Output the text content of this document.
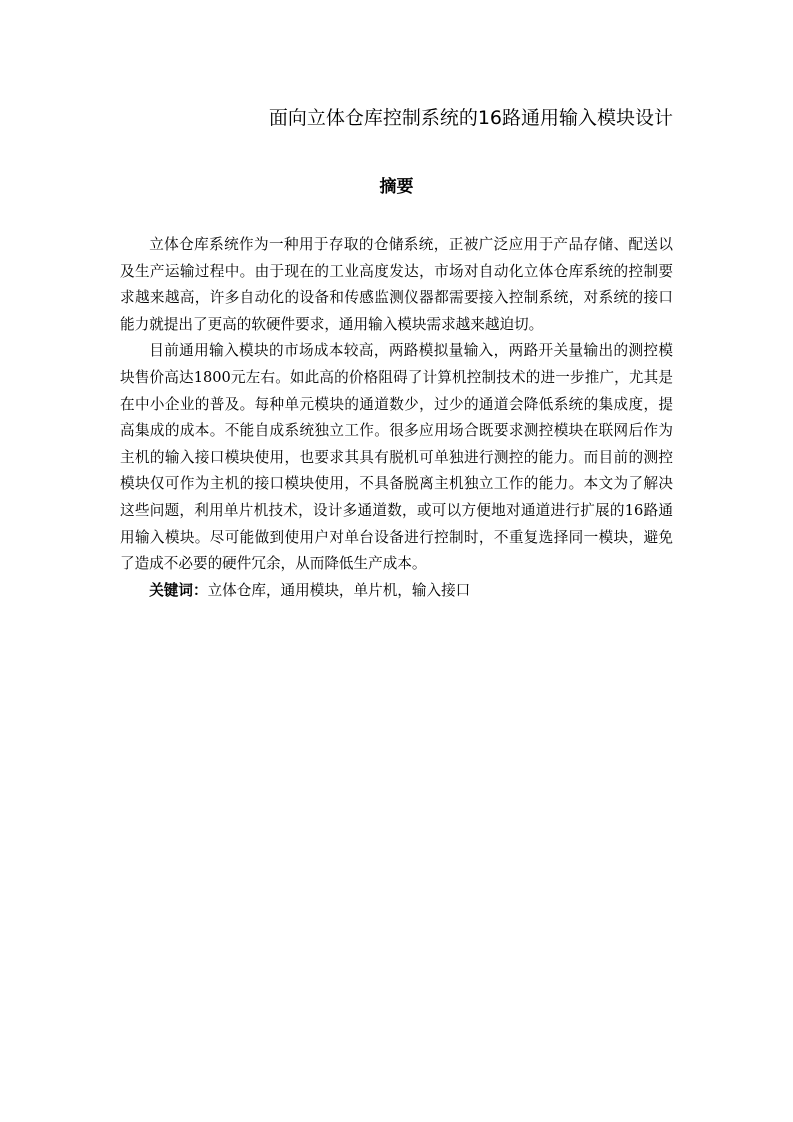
面向立体仓库控制系统的16路通用输入模块设计
摘要

立体仓库系统作为一种用于存取的仓储系统，正被广泛应用于产品存储、配送以及生产运输过程中。由于现在的工业高度发达，市场对自动化立体仓库系统的控制要求越来越高，许多自动化的设备和传感监测仪器都需要接入控制系统，对系统的接口能力就提出了更高的软硬件要求，通用输入模块需求越来越迫切。

目前通用输入模块的市场成本较高，两路模拟量输入，两路开关量输出的测控模块售价高达1800元左右。如此高的价格阻碍了计算机控制技术的进一步推广，尤其是在中小企业的普及。每种单元模块的通道数少，过少的通道会降低系统的集成度，提高集成的成本。不能自成系统独立工作。很多应用场合既要求测控模块在联网后作为主机的输入接口模块使用，也要求其具有脱机可单独进行测控的能力。而目前的测控模块仅可作为主机的接口模块使用，不具备脱离主机独立工作的能力。本文为了解决这些问题，利用单片机技术，设计多通道数，或可以方便地对通道进行扩展的16路通用输入模块。尽可能做到使用户对单台设备进行控制时，不重复选择同一模块，避免了造成不必要的硬件冗余，从而降低生产成本。

关键词：立体仓库，通用模块，单片机，输入接口
